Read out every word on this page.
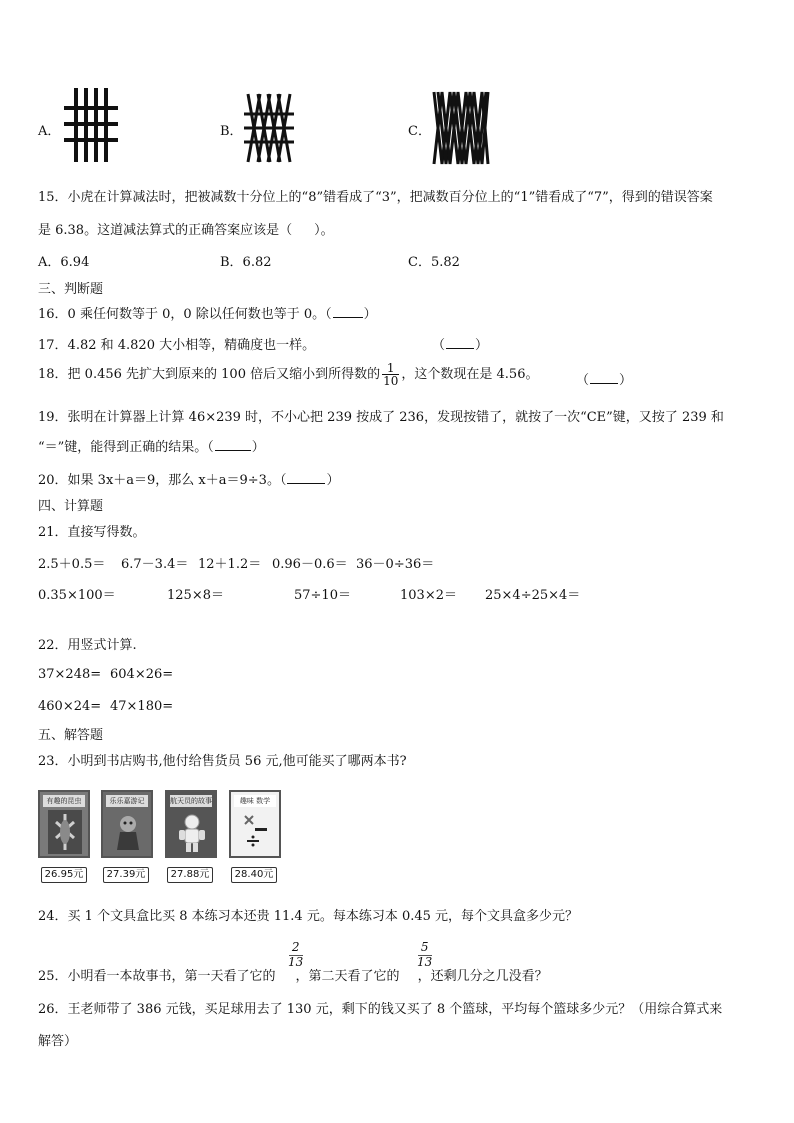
A．	B．	C．
15．小虎在计算减法时，把被减数十分位上的“8”错看成了“3”，把减数百分位上的“1”错看成了“7”，得到的错误答案
是 6.38。这道减法算式的正确答案应该是（ ）。
A．6.94	B．6.82	C．5.82
三、判断题
16．0 乘任何数等于 0，0 除以任何数也等于 0。（ ）
17．4.82 和 4.820 大小相等，精确度也一样。	（ ）
18．把 0.456 先扩大到原来的 100 倍后又缩小到所得数的 $\frac{1}{10}$ ，这个数现在是 4.56。	（ ）
19．张明在计算器上计算 46×239 时，不小心把 239 按成了 236，发现按错了，就按了一次“CE”键，又按了 239 和
“＝”键，能得到正确的结果。（	）
20．如果 3x＋a＝9，那么 x＋a＝9÷3。（	）
四、计算题
21．直接写得数。
2.5＋0.5＝ 6.7－3.4＝ 12＋1.2＝ 0.96－0.6＝ 36－0÷36＝
0.35×100＝	125×8＝	57÷10＝	103×2＝ 25×4÷25×4＝
22．用竖式计算.
37×248= 604×26=
460×24= 47×180=
五、解答题
23．小明到书店购书,他付给售货员 56 元,他可能买了哪两本书?
有趣的昆虫
26.95元
乐乐嘉游记
27.39元
航天员的故事
27.88元
趣味 数学
28.40元
24．买 1 个文具盒比买 8 本练习本还贵 11.4 元。每本练习本 0.45 元，每个文具盒多少元？
2
13
5
13
25．小明看一本故事书，第一天看了它的 ，第二天看了它的 ，还剩几分之几没看？
26．王老师带了 386 元钱，买足球用去了 130 元，剩下的钱又买了 8 个篮球，平均每个篮球多少元？（用综合算式来
解答）
